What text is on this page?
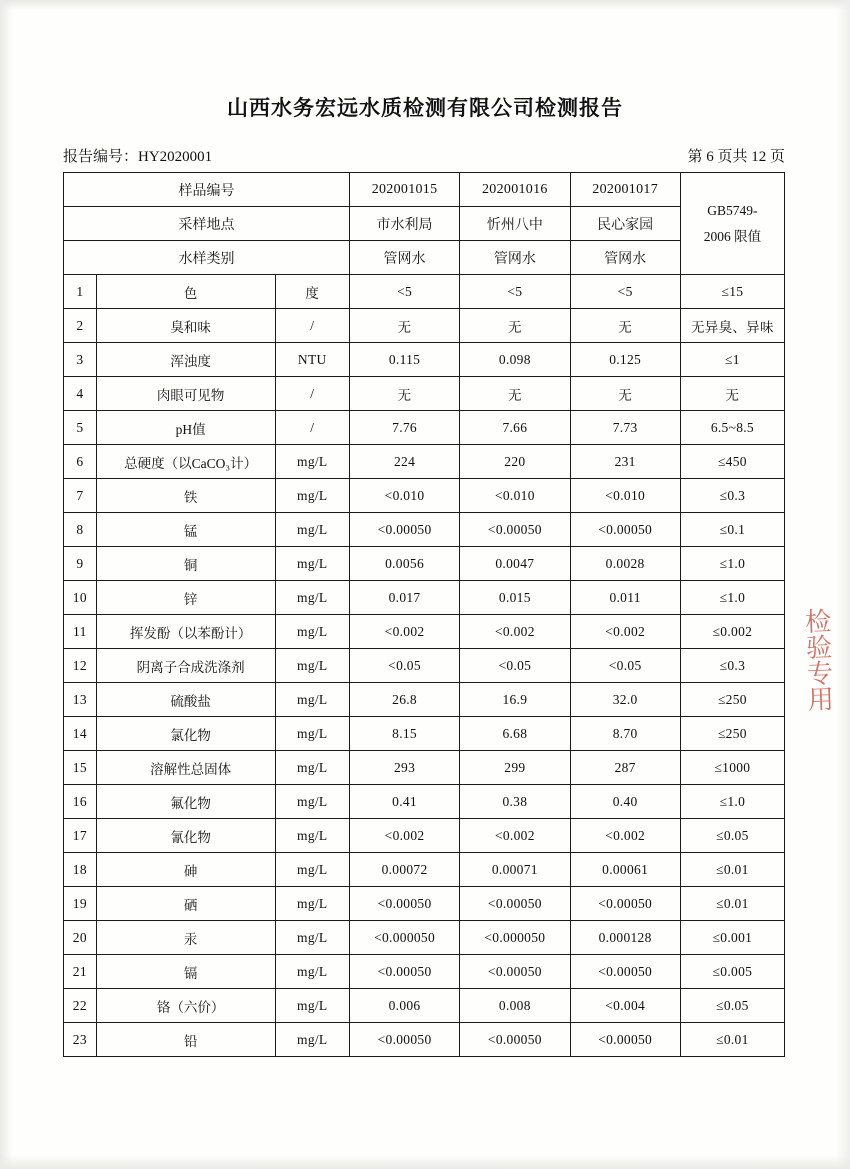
山西水务宏远水质检测有限公司检测报告
报告编号：HY2020001	第 6 页共 12 页
样品编号			202001015	202001016	202001017	GB5749-
2006 限值
采样地点			市水利局	忻州八中	民心家园	
水样类别			管网水	管网水	管网水	
1	色	度	<5	<5	<5	≤15
2	臭和味	/	无	无	无	无异臭、异味
3	浑浊度	NTU	0.115	0.098	0.125	≤1
4	肉眼可见物	/	无	无	无	无
5	pH值	/	7.76	7.66	7.73	6.5~8.5
6	总硬度（以CaCO₃计）	mg/L	224	220	231	≤450
7	铁	mg/L	<0.010	<0.010	<0.010	≤0.3
8	锰	mg/L	<0.00050	<0.00050	<0.00050	≤0.1
9	铜	mg/L	0.0056	0.0047	0.0028	≤1.0
10	锌	mg/L	0.017	0.015	0.011	≤1.0
11	挥发酚（以苯酚计）	mg/L	<0.002	<0.002	<0.002	≤0.002
12	阴离子合成洗涤剂	mg/L	<0.05	<0.05	<0.05	≤0.3
13	硫酸盐	mg/L	26.8	16.9	32.0	≤250
14	氯化物	mg/L	8.15	6.68	8.70	≤250
15	溶解性总固体	mg/L	293	299	287	≤1000
16	氟化物	mg/L	0.41	0.38	0.40	≤1.0
17	氰化物	mg/L	<0.002	<0.002	<0.002	≤0.05
18	砷	mg/L	0.00072	0.00071	0.00061	≤0.01
19	硒	mg/L	<0.00050	<0.00050	<0.00050	≤0.01
20	汞	mg/L	<0.000050	<0.000050	0.000128	≤0.001
21	镉	mg/L	<0.00050	<0.00050	<0.00050	≤0.005
22	铬（六价）	mg/L	0.006	0.008	<0.004	≤0.05
23	铅	mg/L	<0.00050	<0.00050	<0.00050	≤0.01
检验专用
